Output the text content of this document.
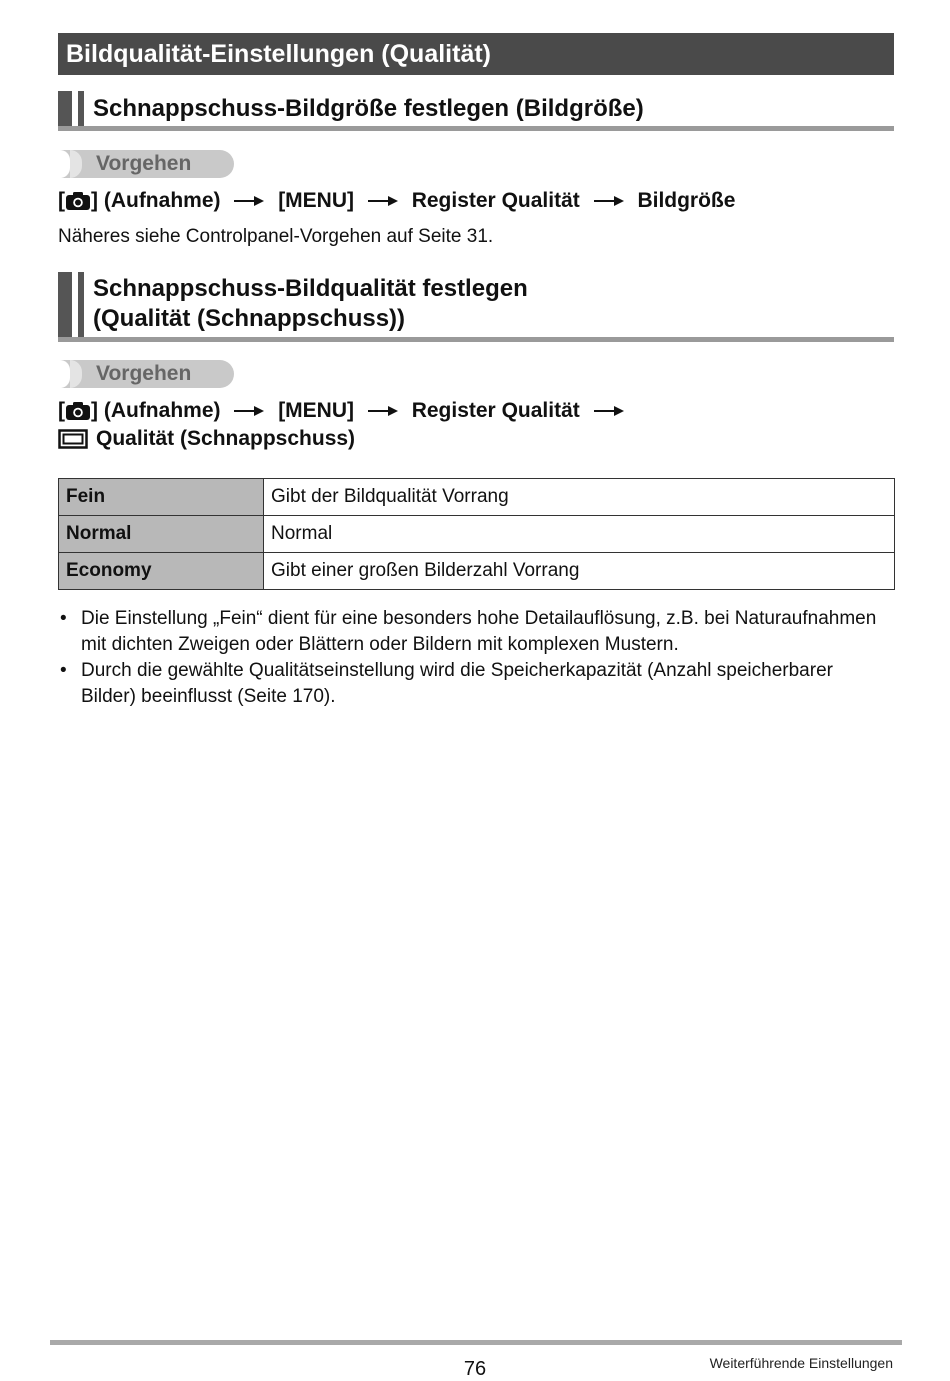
Bildqualität-Einstellungen (Qualität)
Schnappschuss-Bildgröße festlegen (Bildgröße)
Vorgehen
[ ] (Aufnahme)	[MENU]	Register Qualität	Bildgröße
Näheres siehe Controlpanel-Vorgehen auf Seite 31.
Schnappschuss-Bildqualität festlegen
(Qualität (Schnappschuss))
Vorgehen
[ ] (Aufnahme)	[MENU]	Register Qualität
Qualität (Schnappschuss)
Fein	Gibt der Bildqualität Vorrang
Normal	Normal
Economy	Gibt einer großen Bilderzahl Vorrang
• Die Einstellung „Fein“ dient für eine besonders hohe Detailauflösung, z.B. bei Naturaufnahmen mit dichten Zweigen oder Blättern oder Bildern mit komplexen Mustern.
• Durch die gewählte Qualitätseinstellung wird die Speicherkapazität (Anzahl speicherbarer Bilder) beeinflusst (Seite 170).
76	Weiterführende Einstellungen
